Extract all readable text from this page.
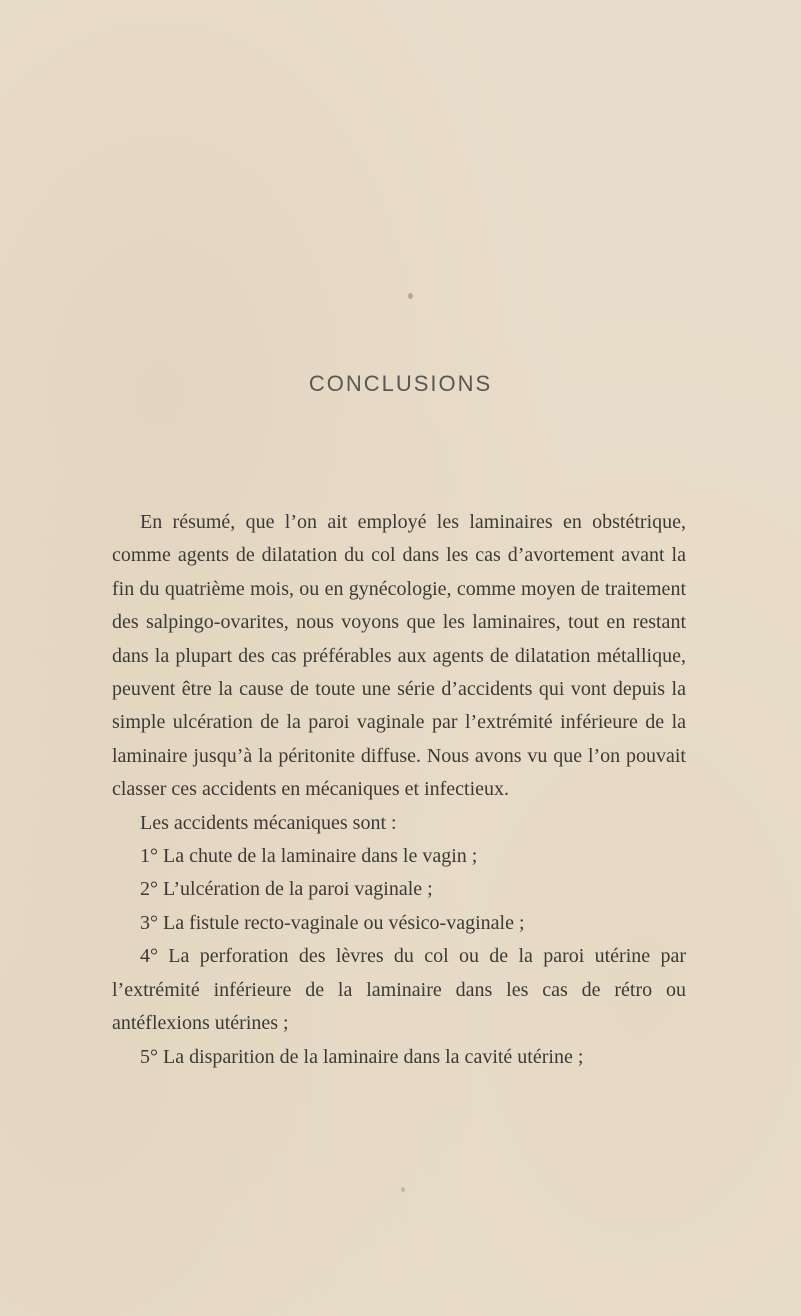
CONCLUSIONS

En résumé, que l’on ait employé les laminaires en obstétrique, comme agents de dilatation du col dans les cas d’avortement avant la fin du quatrième mois, ou en gynécologie, comme moyen de traitement des salpingo-ovarites, nous voyons que les laminaires, tout en restant dans la plupart des cas préférables aux agents de dilatation métallique, peuvent être la cause de toute une série d’accidents qui vont depuis la simple ulcération de la paroi vaginale par l’extrémité inférieure de la laminaire jusqu’à la péritonite diffuse. Nous avons vu que l’on pouvait classer ces accidents en mécaniques et infectieux.

Les accidents mécaniques sont :

1° La chute de la laminaire dans le vagin ;

2° L’ulcération de la paroi vaginale ;

3° La fistule recto-vaginale ou vésico-vaginale ;

4° La perforation des lèvres du col ou de la paroi utérine par l’extrémité inférieure de la laminaire dans les cas de rétro ou antéflexions utérines ;

5° La disparition de la laminaire dans la cavité utérine ;
